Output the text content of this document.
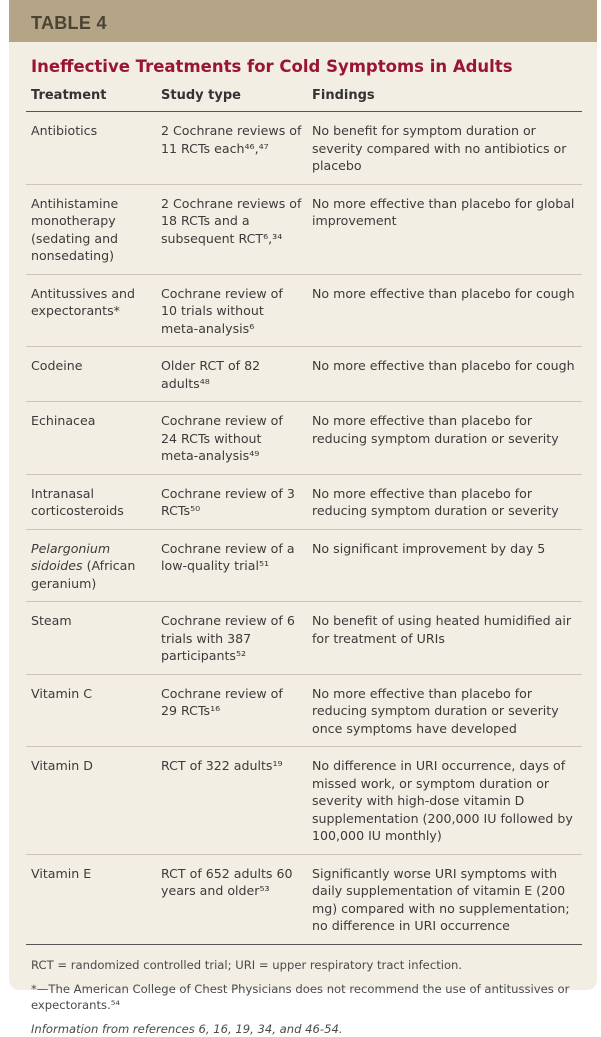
TABLE 4
Ineffective Treatments for Cold Symptoms in Adults
Treatment	Study type	Findings
Antibiotics	2 Cochrane reviews of 11 RCTs each⁴⁶,⁴⁷	No benefit for symptom duration or severity compared with no antibiotics or placebo
Antihistamine monotherapy (sedating and nonsedating)	2 Cochrane reviews of 18 RCTs and a subsequent RCT⁶,³⁴	No more effective than placebo for global improvement
Antitussives and expectorants*	Cochrane review of 10 trials without meta-analysis⁶	No more effective than placebo for cough
Codeine	Older RCT of 82 adults⁴⁸	No more effective than placebo for cough
Echinacea	Cochrane review of 24 RCTs without meta-analysis⁴⁹	No more effective than placebo for reducing symptom duration or severity
Intranasal corticosteroids	Cochrane review of 3 RCTs⁵⁰	No more effective than placebo for reducing symptom duration or severity
Pelargonium sidoides (African geranium)	Cochrane review of a low-quality trial⁵¹	No significant improvement by day 5
Steam	Cochrane review of 6 trials with 387 participants⁵²	No benefit of using heated humidified air for treatment of URIs
Vitamin C	Cochrane review of 29 RCTs¹⁶	No more effective than placebo for reducing symptom duration or severity once symptoms have developed
Vitamin D	RCT of 322 adults¹⁹	No difference in URI occurrence, days of missed work, or symptom duration or severity with high-dose vitamin D supplementation (200,000 IU followed by 100,000 IU monthly)
Vitamin E	RCT of 652 adults 60 years and older⁵³	Significantly worse URI symptoms with daily supplementation of vitamin E (200 mg) compared with no supplementation; no difference in URI occurrence

RCT = randomized controlled trial; URI = upper respiratory tract infection.

*—The American College of Chest Physicians does not recommend the use of antitussives or expectorants.⁵⁴

Information from references 6, 16, 19, 34, and 46-54.
